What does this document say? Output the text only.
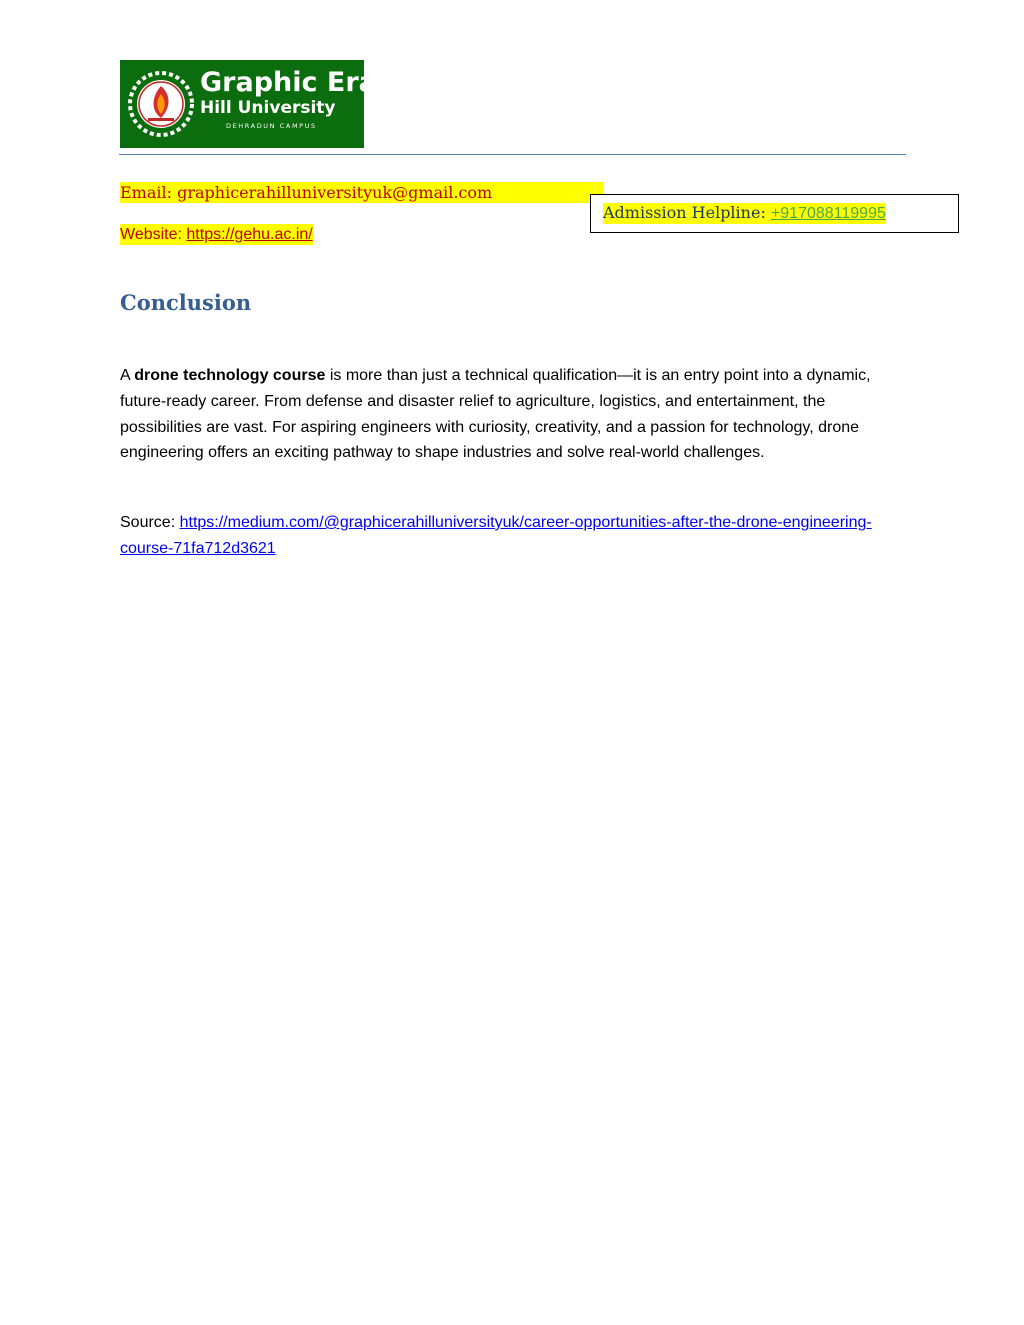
Graphic Era
Hill University
DEHRADUN CAMPUS
Email: graphicerahilluniversityuk@gmail.com
Website: https://gehu.ac.in/
Admission Helpline: +917088119995
Conclusion
A drone technology course is more than just a technical qualification—it is an entry point into a dynamic, future-ready career. From defense and disaster relief to agriculture, logistics, and entertainment, the possibilities are vast. For aspiring engineers with curiosity, creativity, and a passion for technology, drone engineering offers an exciting pathway to shape industries and solve real-world challenges.
Source: https://medium.com/@graphicerahilluniversityuk/career-opportunities-after-the-drone-engineering-course-71fa712d3621
